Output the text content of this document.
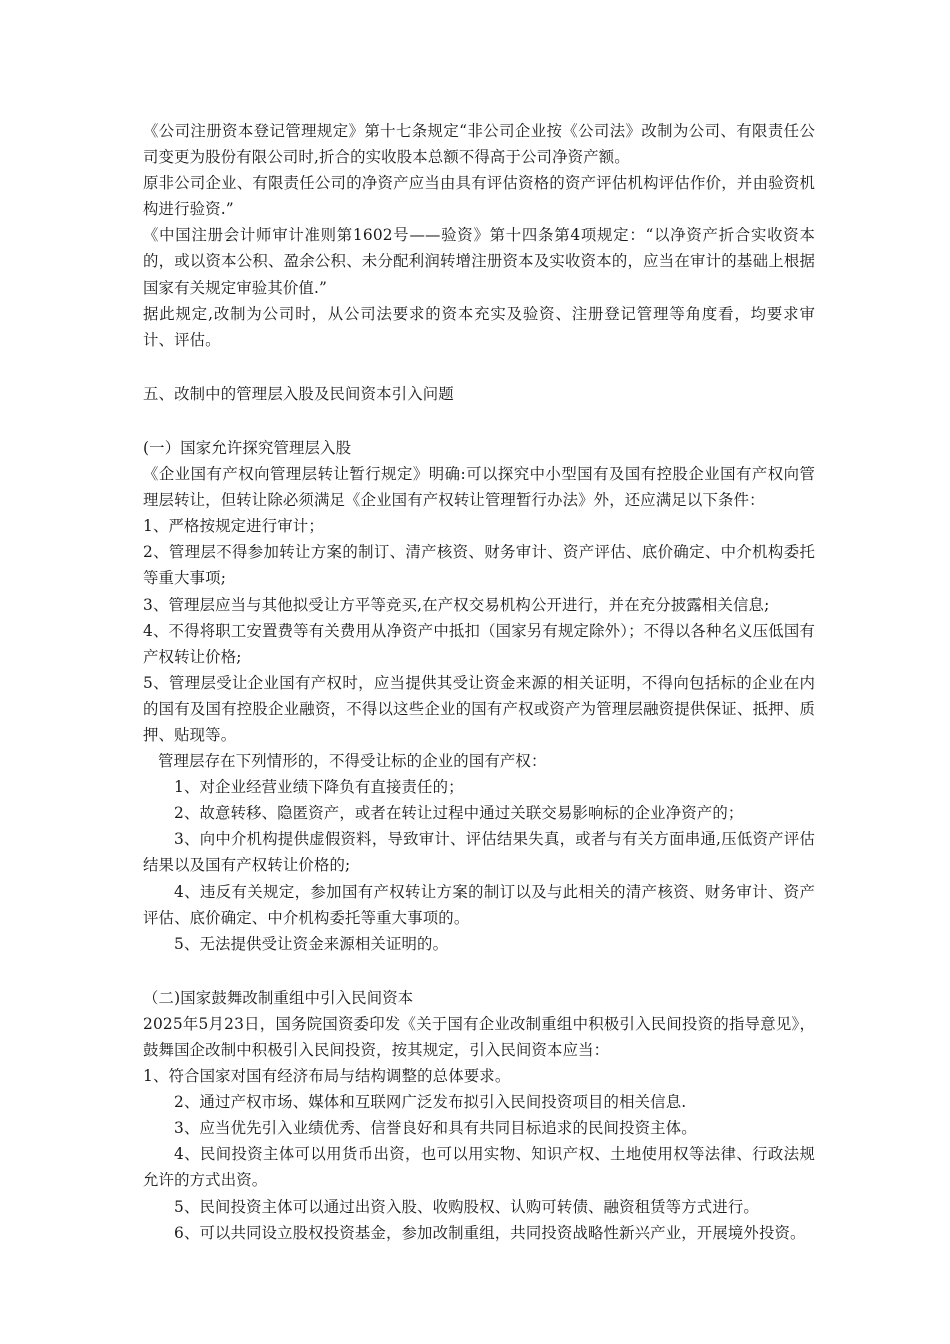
《公司注册资本登记管理规定》第十七条规定“非公司企业按《公司法》改制为公司、有限责任公司变更为股份有限公司时,折合的实收股本总额不得高于公司净资产额。

原非公司企业、有限责任公司的净资产应当由具有评估资格的资产评估机构评估作价，并由验资机构进行验资.”

《中国注册会计师审计准则第1602号——验资》第十四条第4项规定：“以净资产折合实收资本的，或以资本公积、盈余公积、未分配利润转增注册资本及实收资本的，应当在审计的基础上根据国家有关规定审验其价值.”

据此规定,改制为公司时，从公司法要求的资本充实及验资、注册登记管理等角度看，均要求审计、评估。

五、改制中的管理层入股及民间资本引入问题

(一）国家允许探究管理层入股

《企业国有产权向管理层转让暂行规定》明确:可以探究中小型国有及国有控股企业国有产权向管理层转让，但转让除必须满足《企业国有产权转让管理暂行办法》外，还应满足以下条件：

1、严格按规定进行审计；

2、管理层不得参加转让方案的制订、清产核资、财务审计、资产评估、底价确定、中介机构委托等重大事项;

3、管理层应当与其他拟受让方平等竞买,在产权交易机构公开进行，并在充分披露相关信息;

4、不得将职工安置费等有关费用从净资产中抵扣（国家另有规定除外）；不得以各种名义压低国有产权转让价格;

5、管理层受让企业国有产权时，应当提供其受让资金来源的相关证明，不得向包括标的企业在内的国有及国有控股企业融资，不得以这些企业的国有产权或资产为管理层融资提供保证、抵押、质押、贴现等。

管理层存在下列情形的，不得受让标的企业的国有产权：

1、对企业经营业绩下降负有直接责任的；

2、故意转移、隐匿资产，或者在转让过程中通过关联交易影响标的企业净资产的；

3、向中介机构提供虚假资料，导致审计、评估结果失真，或者与有关方面串通,压低资产评估结果以及国有产权转让价格的;

4、违反有关规定，参加国有产权转让方案的制订以及与此相关的清产核资、财务审计、资产评估、底价确定、中介机构委托等重大事项的。

5、无法提供受让资金来源相关证明的。

（二)国家鼓舞改制重组中引入民间资本

2025年5月23日，国务院国资委印发《关于国有企业改制重组中积极引入民间投资的指导意见》，鼓舞国企改制中积极引入民间投资，按其规定，引入民间资本应当：

1、符合国家对国有经济布局与结构调整的总体要求。

2、通过产权市场、媒体和互联网广泛发布拟引入民间投资项目的相关信息.

3、应当优先引入业绩优秀、信誉良好和具有共同目标追求的民间投资主体。

4、民间投资主体可以用货币出资，也可以用实物、知识产权、土地使用权等法律、行政法规允许的方式出资。

5、民间投资主体可以通过出资入股、收购股权、认购可转债、融资租赁等方式进行。

6、可以共同设立股权投资基金，参加改制重组，共同投资战略性新兴产业，开展境外投资。
